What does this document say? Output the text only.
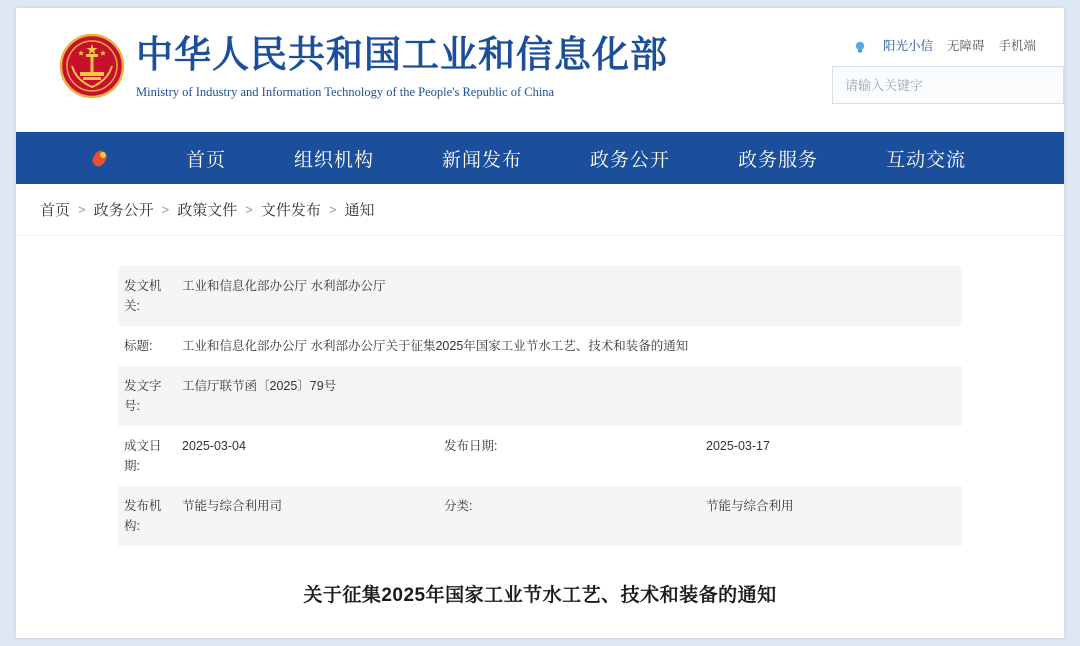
中华人民共和国工业和信息化部
Ministry of Industry and Information Technology of the People's Republic of China
阳光小信 无障碍 手机端
请输入关键字
首页	组织机构	新闻发布	政务公开	政务服务	互动交流
首页 > 政务公开 > 政策文件 > 文件发布 > 通知
发文机关:	工业和信息化部办公厅 水利部办公厅		
标题:	工业和信息化部办公厅 水利部办公厅关于征集2025年国家工业节水工艺、技术和装备的通知		
发文字号:	工信厅联节函〔2025〕79号		
成文日期:	2025-03-04	发布日期:	2025-03-17
发布机构:	节能与综合利用司	分类:	节能与综合利用
关于征集2025年国家工业节水工艺、技术和装备的通知
